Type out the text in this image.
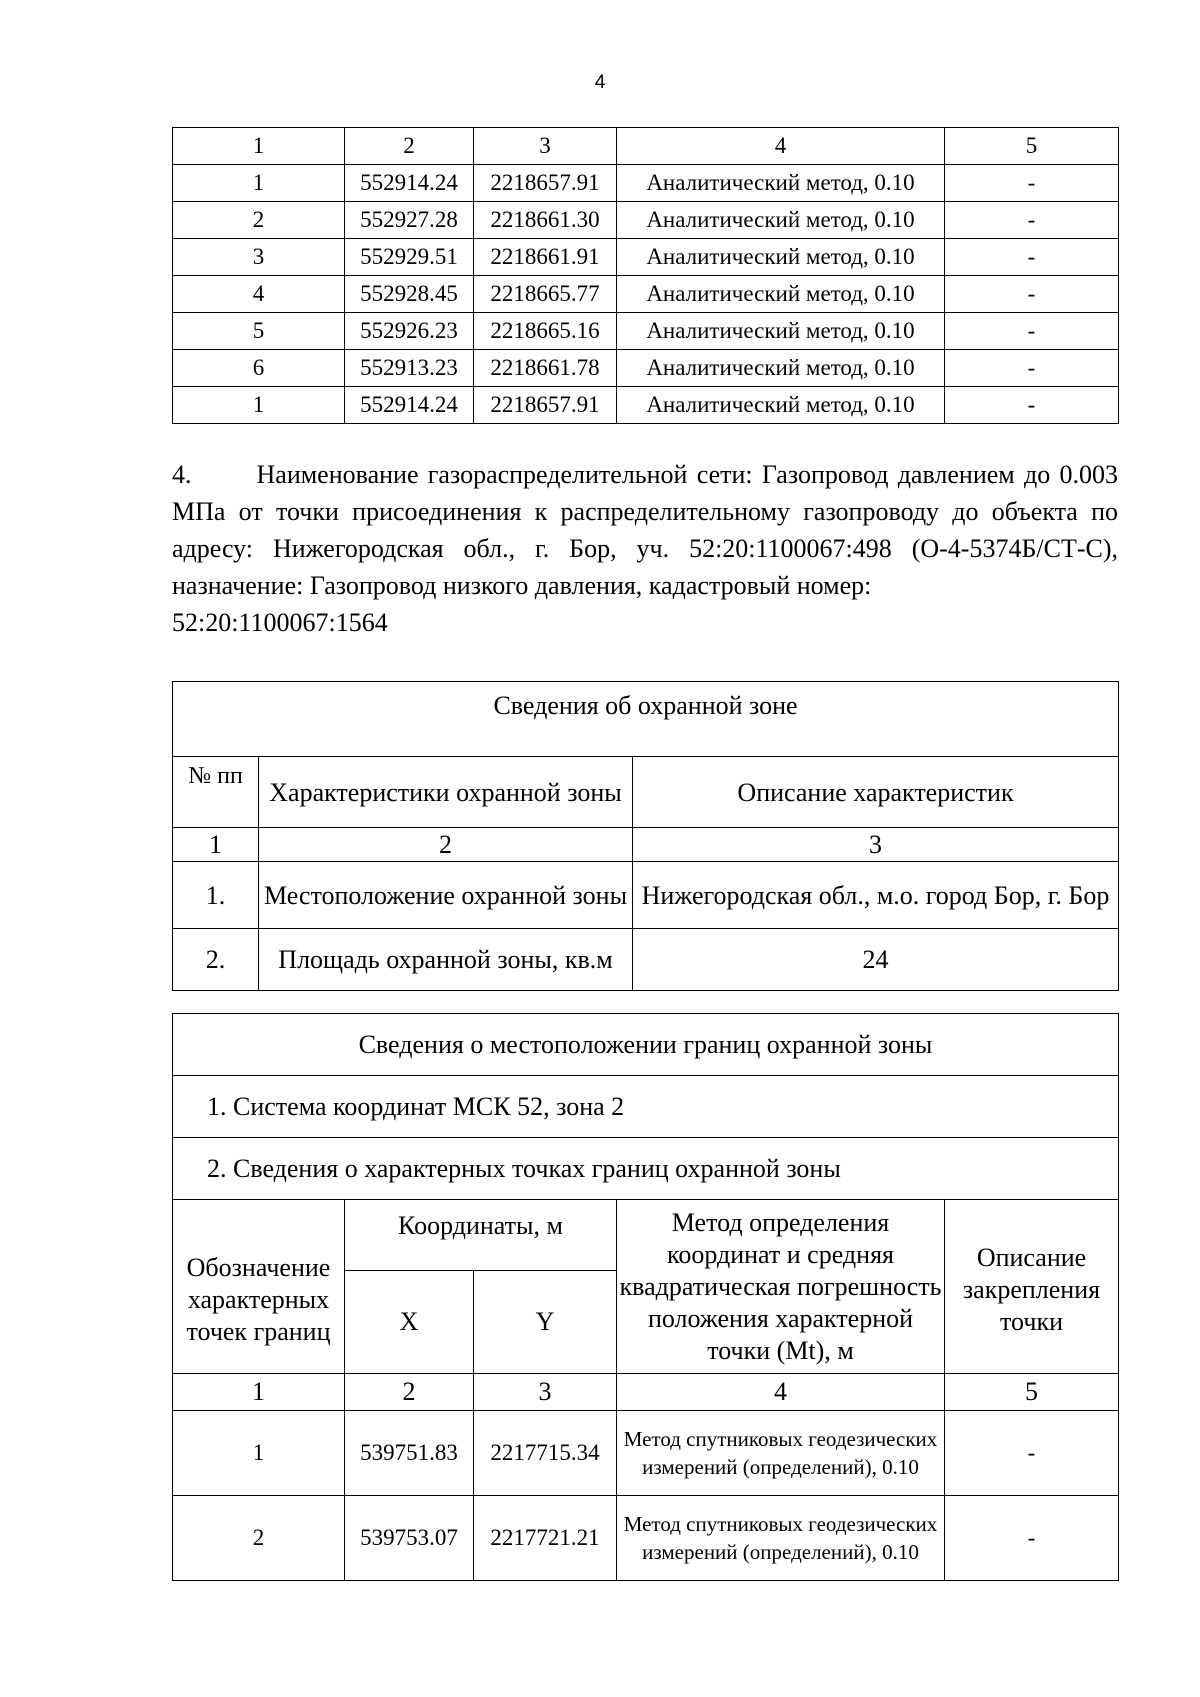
4
1	2	3	4	5
1	552914.24	2218657.91	Аналитический метод, 0.10	-
2	552927.28	2218661.30	Аналитический метод, 0.10	-
3	552929.51	2218661.91	Аналитический метод, 0.10	-
4	552928.45	2218665.77	Аналитический метод, 0.10	-
5	552926.23	2218665.16	Аналитический метод, 0.10	-
6	552913.23	2218661.78	Аналитический метод, 0.10	-
1	552914.24	2218657.91	Аналитический метод, 0.10	-
4.   	Наименование газораспределительной сети: Газопровод давлением до 0.003 МПа от точки присоединения к распределительному газопроводу до объекта по адресу: Нижегородская обл., г. Бор, уч. 52:20:1100067:498 (О-4-5374Б/СТ-С), назначение: Газопровод низкого давления, кадастровый номер:
52:20:1100067:1564
Сведения об охранной зоне		
№ пп	Характеристики охранной зоны	Описание характеристик
1	2	3
1.	Местоположение охранной зоны	Нижегородская обл., м.о. город Бор, г. Бор
2.	Площадь охранной зоны, кв.м	24
Сведения о местоположении границ охранной зоны				
1. Система координат МСК 52, зона 2				
2. Сведения о характерных точках границ охранной зоны				
Обозначение характерных точек границ	Координаты, м		Метод определения координат и средняя квадратическая погрешность положения характерной точки (Mt), м	Описание закрепления точки
	X	Y		
1	2	3	4	5
1	539751.83	2217715.34	Метод спутниковых геодезических измерений (определений), 0.10	-
2	539753.07	2217721.21	Метод спутниковых геодезических измерений (определений), 0.10	-
